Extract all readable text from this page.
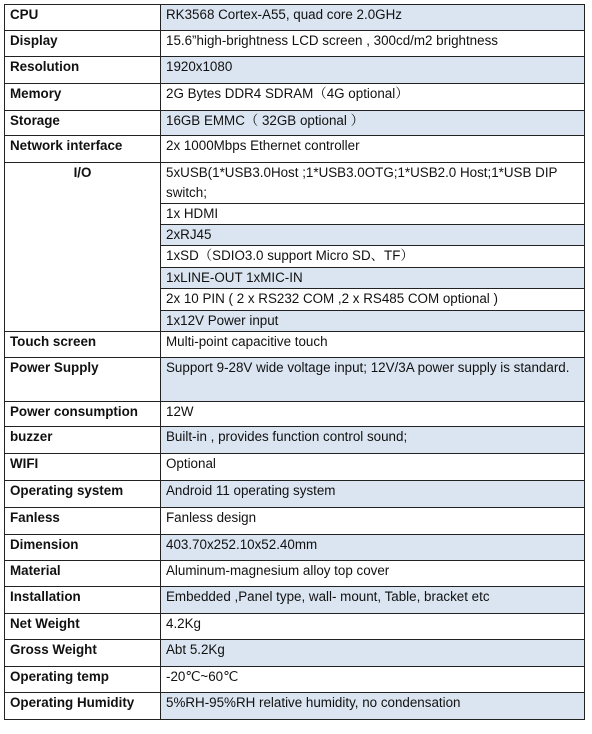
CPU	RK3568 Cortex-A55, quad core 2.0GHz
Display	15.6”high-brightness LCD screen , 300cd/m2 brightness
Resolution	1920x1080
Memory	2G Bytes DDR4 SDRAM（4G optional）
Storage	16GB EMMC（ 32GB optional ）
Network interface	2x 1000Mbps Ethernet controller
I/O	5xUSB(1*USB3.0Host ;1*USB3.0OTG;1*USB2.0 Host;1*USB DIP switch;
	1x HDMI
	2xRJ45
	1xSD（SDIO3.0 support Micro SD、TF）
	1xLINE-OUT 1xMIC-IN
	2x 10 PIN ( 2 x RS232 COM ,2 x RS485 COM optional )
	1x12V Power input
Touch screen	Multi-point capacitive touch
Power Supply	Support 9-28V wide voltage input; 12V/3A power supply is standard.
Power consumption	12W
buzzer	Built-in , provides function control sound;
WIFI	Optional
Operating system	Android 11 operating system
Fanless	Fanless design
Dimension	403.70x252.10x52.40mm
Material	Aluminum-magnesium alloy top cover
Installation	Embedded ,Panel type, wall- mount, Table, bracket etc
Net Weight	4.2Kg
Gross Weight	Abt 5.2Kg
Operating temp	-20℃~60℃
Operating Humidity	5%RH-95%RH relative humidity, no condensation
